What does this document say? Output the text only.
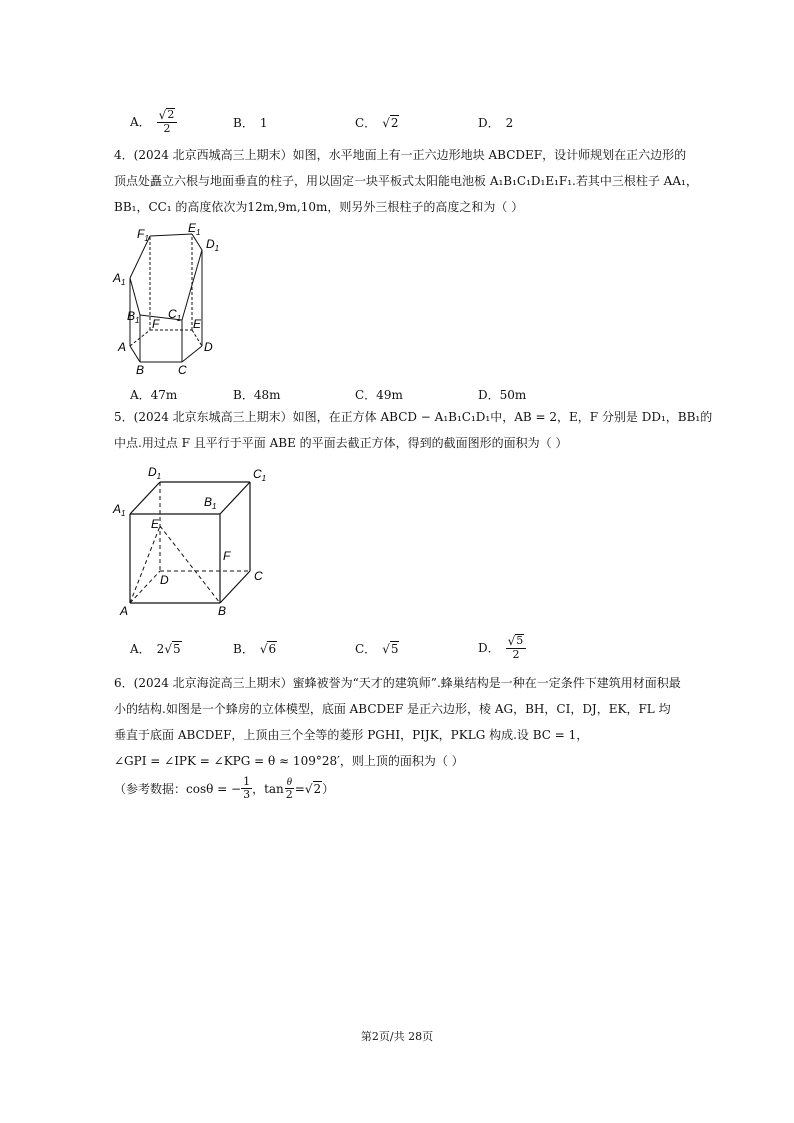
A． $\frac{√ 2}{2}$	B． 1	C． √ 2	D． 2
4．(2024 北京西城高三上期末）如图，水平地面上有一正六边形地块 ABCDEF，设计师规划在正六边形的
顶点处矗立六根与地面垂直的柱子，用以固定一块平板式太阳能电池板 A₁B₁C₁D₁E₁F₁.若其中三根柱子 AA₁，
BB₁，CC₁ 的高度依次为12m,9m,10m，则另外三根柱子的高度之和为（ ）
$F_1$
$E_1$
$D_1$
$A_1$
$B_1$ $C_1$
F	E
A	D
B	C
A．47m	B．48m	C．49m	D．50m
5．(2024 北京东城高三上期末）如图，在正方体 ABCD − A₁B₁C₁D₁中，AB = 2，E，F 分别是 DD₁，BB₁的
中点.用过点 F 且平行于平面 ABE 的平面去截正方体，得到的截面图形的面积为（ ）
$D_1$	$C_1$
$A_1$
$B_1$
E
F
D	C
A	B
A． 2 √ 5	B． √ 6	C． √ 5	D． $\frac{√ 5}{2}$
6．(2024 北京海淀高三上期末）蜜蜂被誉为“天才的建筑师”.蜂巢结构是一种在一定条件下建筑用材面积最
小的结构.如图是一个蜂房的立体模型，底面 ABCDEF 是正六边形，棱 AG，BH，CI，DJ，EK，FL 均
垂直于底面 ABCDEF，上顶由三个全等的菱形 PGHI，PIJK，PKLG 构成.设 BC = 1，
∠GPI = ∠IPK = ∠KPG = θ ≈ 109°28′，则上顶的面积为（ ）
（参考数据：cosθ = − $\frac{1}{3}$ ，$\tan \frac{\theta}{2}$ = √ 2 ）
第2页/共 28页
